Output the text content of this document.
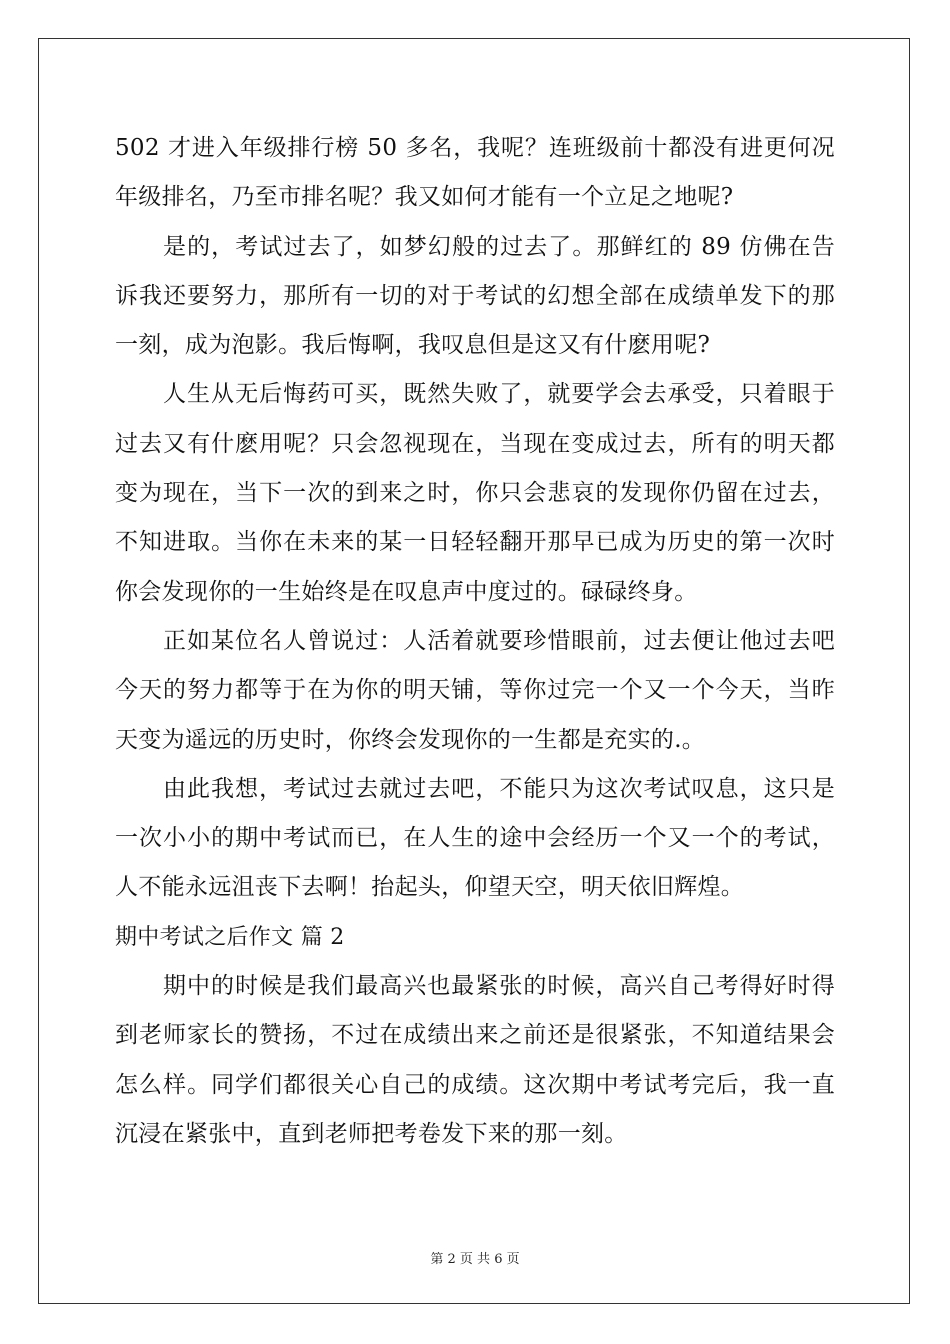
502 才进入年级排行榜 50 多名，我呢？连班级前十都没有进更何况
年级排名，乃至市排名呢？我又如何才能有一个立足之地呢?
是的，考试过去了，如梦幻般的过去了。那鲜红的 89 仿佛在告
诉我还要努力，那所有一切的对于考试的幻想全部在成绩单发下的那
一刻，成为泡影。我后悔啊，我叹息但是这又有什麽用呢?
人生从无后悔药可买，既然失败了，就要学会去承受，只着眼于
过去又有什麽用呢？只会忽视现在，当现在变成过去，所有的明天都
变为现在，当下一次的到来之时，你只会悲哀的发现你仍留在过去，
不知进取。当你在未来的某一日轻轻翻开那早已成为历史的第一次时
你会发现你的一生始终是在叹息声中度过的。碌碌终身。
正如某位名人曾说过：人活着就要珍惜眼前，过去便让他过去吧
今天的努力都等于在为你的明天铺，等你过完一个又一个今天，当昨
天变为遥远的历史时，你终会发现你的一生都是充实的.。
由此我想，考试过去就过去吧，不能只为这次考试叹息，这只是
一次小小的期中考试而已，在人生的途中会经历一个又一个的考试，
人不能永远沮丧下去啊！抬起头，仰望天空，明天依旧辉煌。
期中考试之后作文 篇 2
期中的时候是我们最高兴也最紧张的时候，高兴自己考得好时得
到老师家长的赞扬，不过在成绩出来之前还是很紧张，不知道结果会
怎么样。同学们都很关心自己的成绩。这次期中考试考完后，我一直
沉浸在紧张中，直到老师把考卷发下来的那一刻。
第 2 页 共 6 页
